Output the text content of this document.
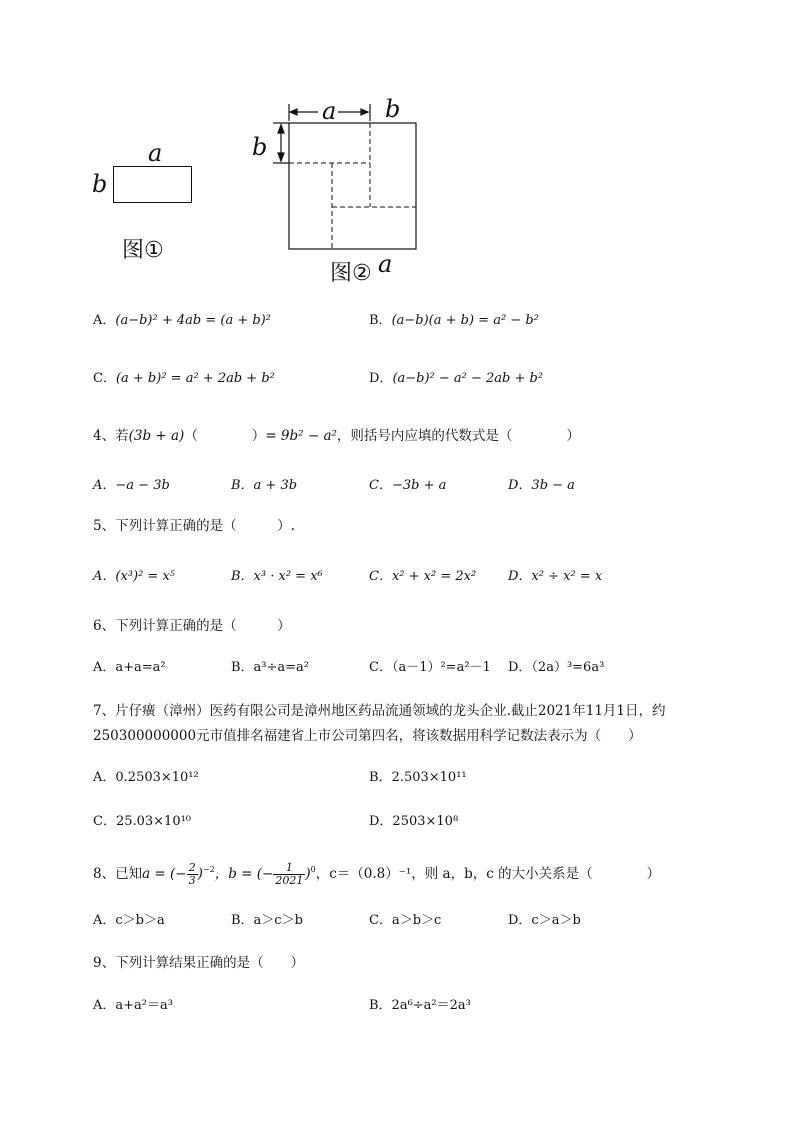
a
b
图①
a b
b
图② a
A．(a−b)² + 4ab = (a + b)²	B．(a−b)(a + b) = a² − b²
C．(a + b)² = a² + 2ab + b²	D．(a−b)² − a² − 2ab + b²
4、若(3b + a)（　　　　）= 9b² − a²，则括号内应填的代数式是（　　　　）
A．−a − 3b	B．a + 3b	C．−3b + a	D．3b − a
5、下列计算正确的是（　　　）.
A．(x³)² = x⁵	B．x³ · x² = x⁶	C．x² + x² = 2x² D．x² ÷ x² = x
6、下列计算正确的是（　　　）
A．a+a=a²	B．a³÷a=a²	C．（a－1）²=a²－1 D．（2a）³=6a³
7、片仔癀（漳州）医药有限公司是漳州地区药品流通领域的龙头企业.截止2021年11月1日，约
250300000000元市值排名福建省上市公司第四名，将该数据用科学记数法表示为（　　）
A．0.2503×10¹²	B．2.503×10¹¹
C．25.03×10¹⁰	D．2503×10⁸
8、已知a = (− $\frac{2}{3} )^{-2}$，b = (− $\frac{1}{2021} )^0$，c＝（0.8）⁻¹，则 a，b，c 的大小关系是（　　　　）
A．c＞b＞a	B．a＞c＞b	C．a＞b＞c	D．c＞a＞b
9、下列计算结果正确的是（　　）
A．a+a²＝a³	B．2a⁶÷a²＝2a³
